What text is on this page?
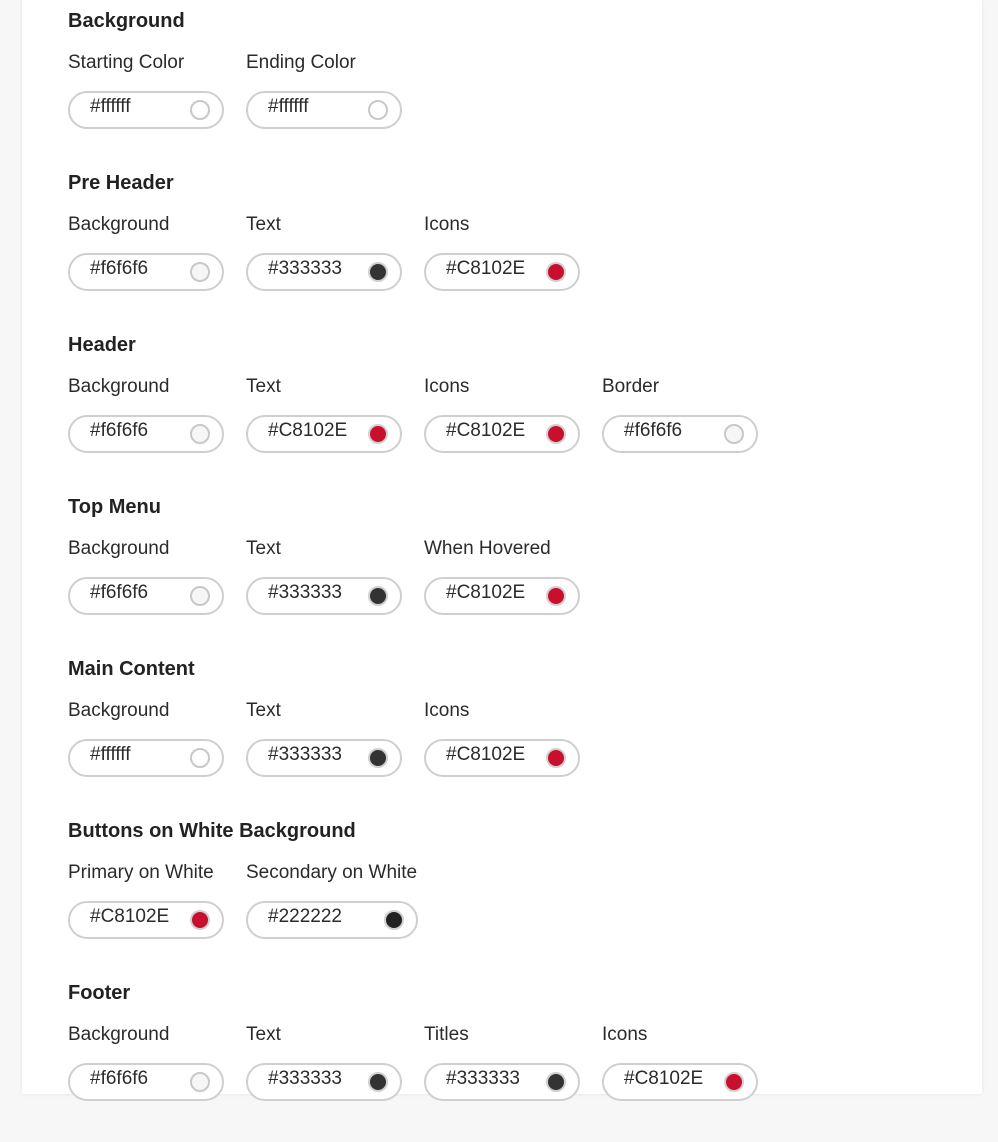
Background
Starting Color
#ffffff
Ending Color
#ffffff
Pre Header
Background
#f6f6f6
Text
#333333
Icons
#C8102E
Header
Background
#f6f6f6
Text
#C8102E
Icons
#C8102E
Border
#f6f6f6
Top Menu
Background
#f6f6f6
Text
#333333
When Hovered
#C8102E
Main Content
Background
#ffffff
Text
#333333
Icons
#C8102E
Buttons on White Background
Primary on White
#C8102E
Secondary on White
#222222
Footer
Background
#f6f6f6
Text
#333333
Titles
#333333
Icons
#C8102E
